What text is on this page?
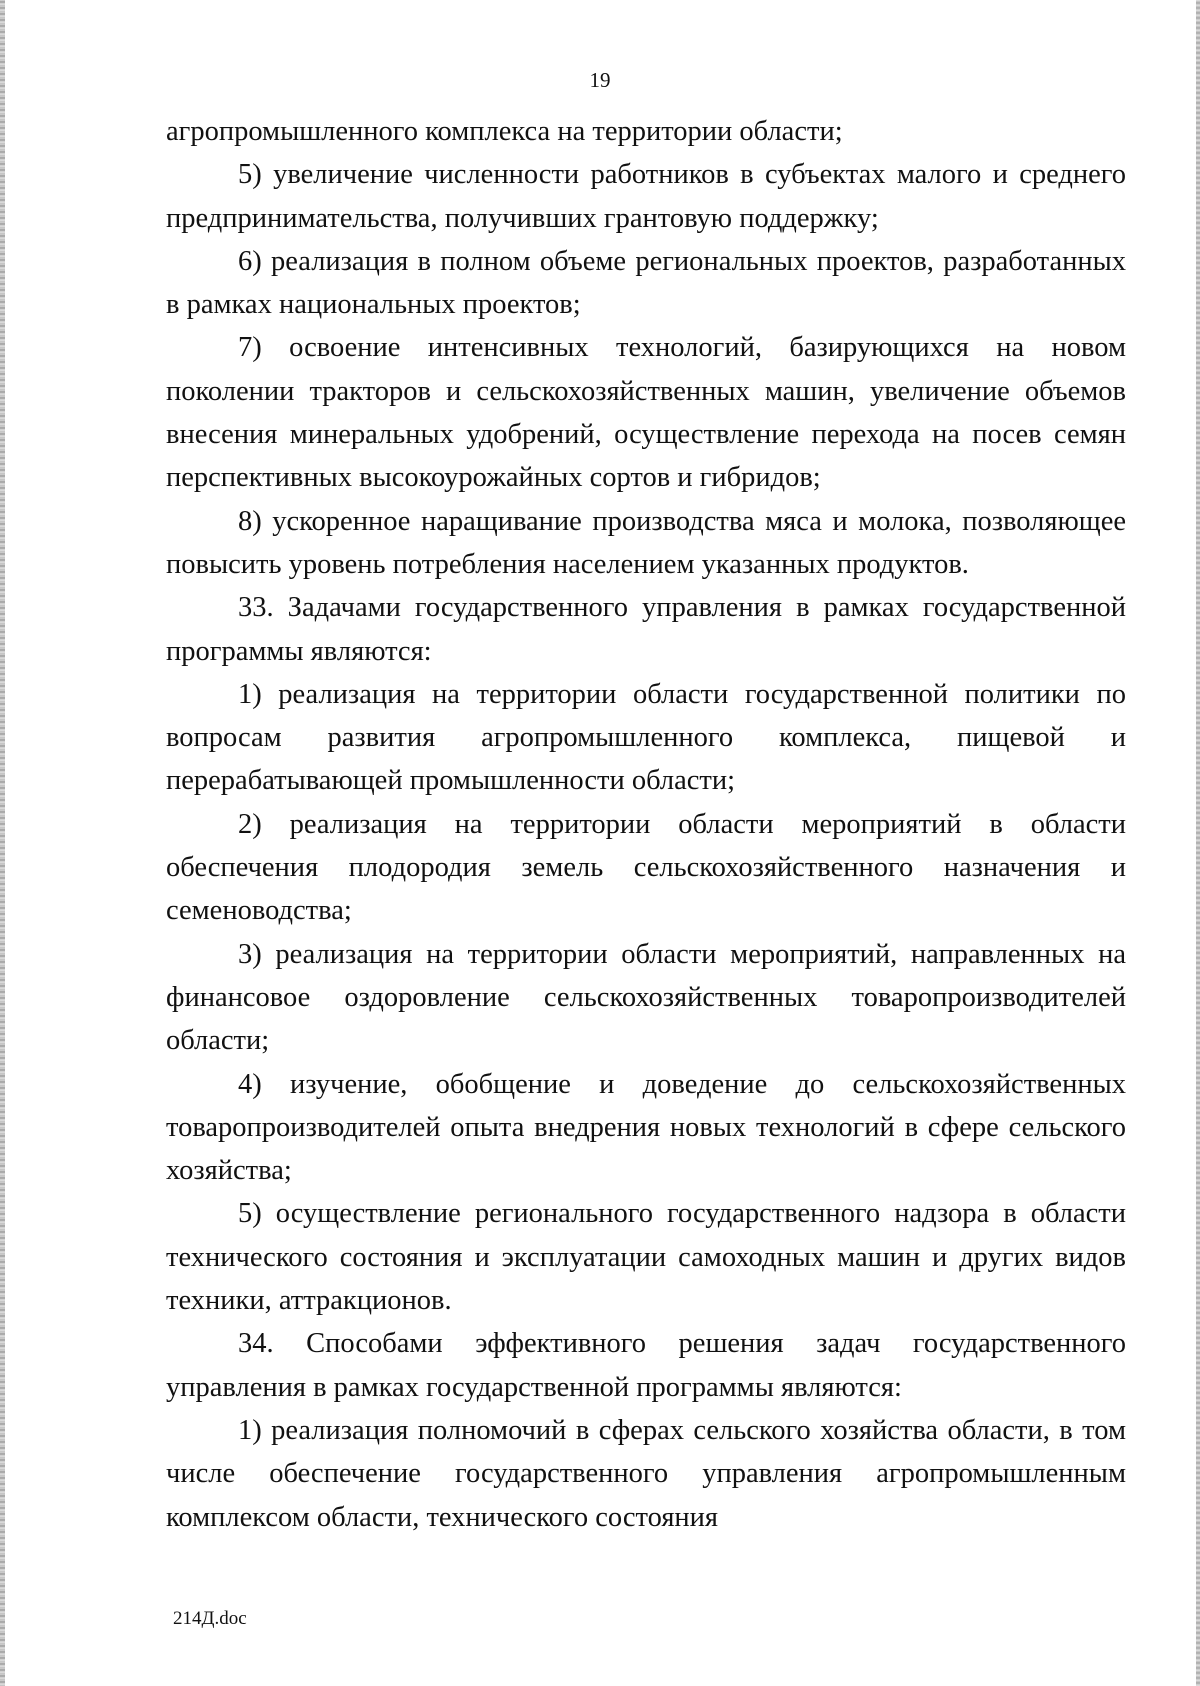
19

агропромышленного комплекса на территории области;

5) увеличение численности работников в субъектах малого и среднего предпринимательства, получивших грантовую поддержку;

6) реализация в полном объеме региональных проектов, разработанных в рамках национальных проектов;

7) освоение интенсивных технологий, базирующихся на новом поколении тракторов и сельскохозяйственных машин, увеличение объемов внесения минеральных удобрений, осуществление перехода на посев семян перспективных высокоурожайных сортов и гибридов;

8) ускоренное наращивание производства мяса и молока, позволяющее повысить уровень потребления населением указанных продуктов.

33. Задачами государственного управления в рамках государственной программы являются:

1) реализация на территории области государственной политики по вопросам развития агропромышленного комплекса, пищевой и перерабатывающей промышленности области;

2) реализация на территории области мероприятий в области обеспечения плодородия земель сельскохозяйственного назначения и семеноводства;

3) реализация на территории области мероприятий, направленных на финансовое оздоровление сельскохозяйственных товаропроизводителей области;

4) изучение, обобщение и доведение до сельскохозяйственных товаропроизводителей опыта внедрения новых технологий в сфере сельского хозяйства;

5) осуществление регионального государственного надзора в области технического состояния и эксплуатации самоходных машин и других видов техники, аттракционов.

34. Способами эффективного решения задач государственного управления в рамках государственной программы являются:

1) реализация полномочий в сферах сельского хозяйства области, в том числе обеспечение государственного управления агропромышленным комплексом области, технического состояния

214Д.doc
